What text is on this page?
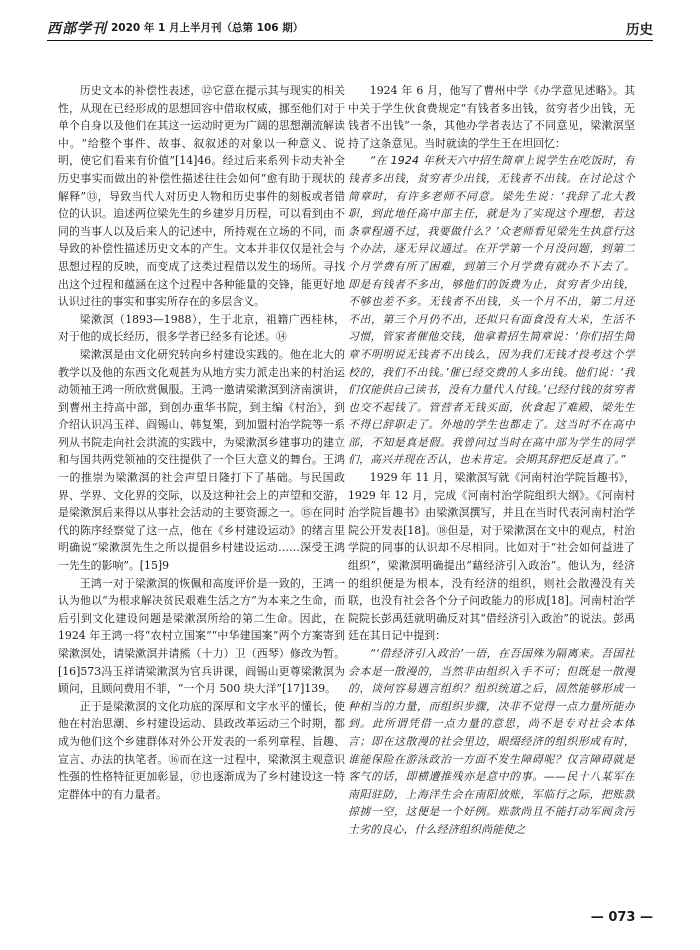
西部学刊 2020 年 1 月上半月刊（总第 106 期）	历史

历史文本的补偿性表述，⑫它意在提示其与现实的相关性，从现在已经形成的思想回容中借取权威，挪至他们对于单个自身以及他们在其这一运动时更为广阔的思想潮流解读中。“给整个事件、故事、叙叙述的对象以一种意义、说明，使它们看来有价值”[14]46。经过后来系列卡动夫补全历史事实而做出的补偿性描述往往会如何“愈有助于现状的解释”⑬，导致当代人对历史人物和历史事件的刻板或者错位的认识。追述两位梁先生的乡建岁月历程，可以看到由不同的当事人以及后来人的记述中，所持观在立场的不同，而导致的补偿性描述历史文本的产生。文本并非仅仅是社会与思想过程的反映，而变成了这类过程借以发生的场所。寻找出这个过程和蕴涵在这个过程中各种能量的交锋，能更好地认识过往的事实和事实所存在的多层含义。

梁漱溟（1893—1988），生于北京，祖籍广西桂林，对于他的成长经历，很多学者已经多有论述。⑭

梁漱溟是由文化研究转向乡村建设实践的。他在北大的教学以及他的东西文化观甚为从地方实力派走出来的村治运动领袖王鸿一所欣赏佩服。王鸿一邀请梁漱溟到济南演讲，到曹州主持高中部，到创办重华书院，到主编《村治》，到介绍认识冯玉祥、阎锡山、韩复榘，到加盟村治学院等一系列从书院走向社会洪流的实践中，为梁漱溟乡建事功的建立和与国共两党领袖的交往提供了一个巨大意义的舞台。王鸿一的推崇为梁漱溟的社会声望日隆打下了基础。与民国政界、学界、文化界的交际，以及这种社会上的声望和交游，是梁漱溟后来得以从事社会活动的主要资源之一。⑮在同时代的陈序经察觉了这一点，他在《乡村建设运动》的绪言里明确说“梁漱溟先生之所以提倡乡村建设运动……深受王鸿一先生的影响”。[15]9

王鸿一对于梁漱溟的恢佩和高度评价是一致的，王鸿一认为他以“为根求解决贫民艰难生活之方”为本来之生命，而后引到文化建设问题是梁漱溟所给的第二生命。因此，在 1924 年王鸿一将“农村立国案”“中华建国案”两个方案寄到梁漱溟处，请梁漱溟并请熊（十力）卫（西琴）修改为暂。[16]573冯玉祥请梁漱溟为官兵讲课，阎锡山更尊梁漱溟为顾问，且顾问费用不菲，“一个月 500 块大洋”[17]139。

正于是梁漱溟的文化功底的深厚和文字水平的懂长，使他在村治思潮、乡村建设运动、县政改革运动三个时期，都成为他们这个乡建群体对外公开发表的一系列章程、旨趣、宣言、办法的执笔者。⑯而在这一过程中，梁漱溟主观意识性强的性格特征更加彰显，⑰也逐渐成为了乡村建设这一特定群体中的有力量者。

1924 年 6 月，他写了曹州中学《办学意见述略》。其中关于学生伙食费规定“有钱者多出钱，贫穷者少出钱，无钱者不出钱”一条，其他办学者表达了不同意见，梁漱溟坚持了这条意见。当时就读的学生王在坦回忆：

“在 1924 年秋天六中招生简章上说学生在吃饭时，有钱者多出钱，贫穷者少出钱，无钱者不出钱。在讨论这个简章时，有许多老师不同意。梁先生说：‘我辞了北大教职，到此地任高中部主任，就是为了实现这个理想，若这条章程通不过，我要做什么？’众老师看见梁先生执意行这个办法，逐无异议通过。在开学第一个月没问题，到第二个月学费有所了困难，到第三个月学费有就办不下去了。即是有钱者不多出，够他们的饭费为止，贫穷者少出钱，不够也差不多。无钱者不出钱，头一个月不出，第二月还不出，第三个月仍不出，还拟只有面食没有大米，生活不习惯，管家者催他交钱，他拿着招生简章说：‘你们招生简章不明明说无钱者不出钱么，因为我们无钱才投考这个学校的，我们不出钱。’催已经交费的人多出钱。他们说：‘我们仅能供自己读书，没有力量代人付钱。’已经付钱的贫穷者也交不起钱了。管营者无钱买面，伙食起了难殿，梁先生不得已辞职走了。外地的学生也都走了。这当时不在高中部，不知是真是假。我曾问过当时在高中部为学生的同学们，高兴并现在否认，也未肯定。会期其辞把反是真了。”

1929 年 11 月，梁漱溟写就《河南村治学院旨趣书》，1929 年 12 月，完成《河南村治学院组织大纲》。《河南村治学院旨趣书》由梁漱溟撰写，并且在当时代表河南村治学院公开发表[18]。⑱但是，对于梁漱溟在文中的观点，村治学院的同事的认识却不尽相同。比如对于“社会如何益进了组织”，梁漱溟明确提出“藉经济引入政治”。他认为，经济的组织便是为根本，没有经济的组织，则社会散漫没有关联，也没有社会各个分子问政能力的形成[18]。河南村治学院院长彭禹廷就明确反对其“借经济引入政治”的说法。彭禹廷在其日记中提到：

“‘借经济引入政治’一语，在吾国殊为隔离来。吾国社会本是一散漫的，当然非由组织入手不可；但既是一散漫的，谈何容易遇言组织？组织统道之后，固然能够形成一种相当的力量，而组织步骤，决非不觉得一点力量所能办到。此所谓凭借一点力量的意思，尚不是专对社会本体言；即在这散漫的社会里边，眼缀经济的组织形成有时，谁能保险在游泳政治一方面不发生障碍呢？仅言障碍就是客气的话，即横遭推残亦是意中的事。——民十八某军在南阳驻防，上海洋生会在南阳放账，军临行之际，把账款掠掳一空，这便是一个好例。账款尚且不能打动军阀贪污土劣的良心，什么经济组织尚能使之

— 073 —
